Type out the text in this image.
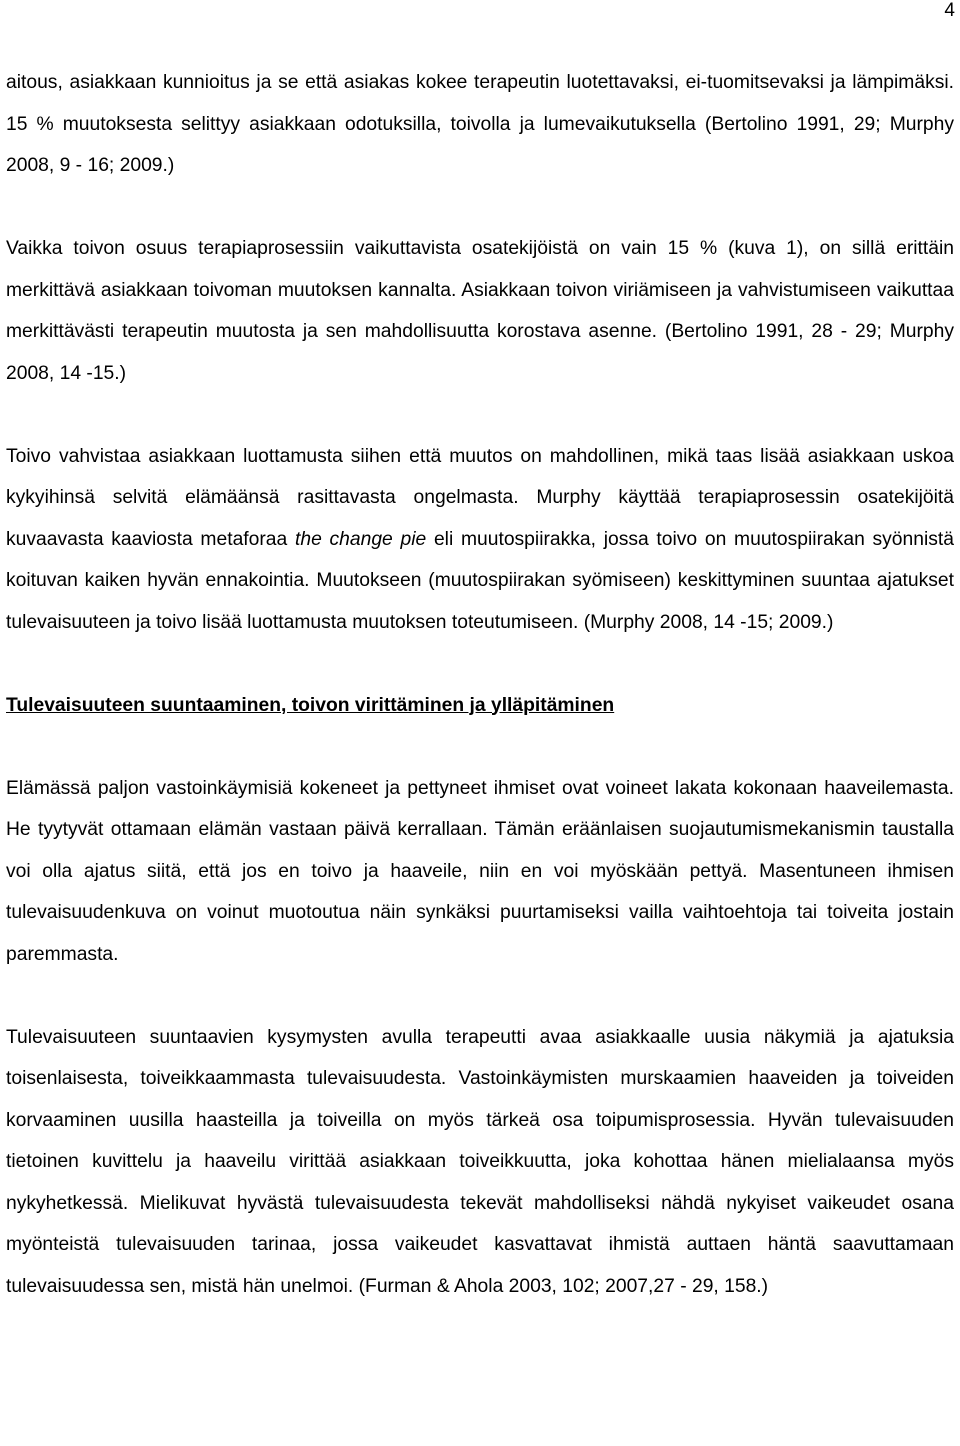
4

aitous, asiakkaan kunnioitus ja se että asiakas kokee terapeutin luotettavaksi, ei-tuomitsevaksi ja lämpimäksi. 15 % muutoksesta selittyy asiakkaan odotuksilla, toivolla ja lumevaikutuksella (Bertolino 1991, 29; Murphy 2008, 9 - 16; 2009.)

Vaikka toivon osuus terapiaprosessiin vaikuttavista osatekijöistä on vain 15 % (kuva 1), on sillä erittäin merkittävä asiakkaan toivoman muutoksen kannalta. Asiakkaan toivon viriämiseen ja vahvistumiseen vaikuttaa merkittävästi terapeutin muutosta ja sen mahdollisuutta korostava asenne. (Bertolino 1991, 28 - 29; Murphy 2008, 14 -15.)

Toivo vahvistaa asiakkaan luottamusta siihen että muutos on mahdollinen, mikä taas lisää asiakkaan uskoa kykyihinsä selvitä elämäänsä rasittavasta ongelmasta. Murphy käyttää terapiaprosessin osatekijöitä kuvaavasta kaaviosta metaforaa the change pie eli muutospiirakka, jossa toivo on muutospiirakan syönnistä koituvan kaiken hyvän ennakointia. Muutokseen (muutospiirakan syömiseen) keskittyminen suuntaa ajatukset tulevaisuuteen ja toivo lisää luottamusta muutoksen toteutumiseen. (Murphy 2008, 14 -15; 2009.)

Tulevaisuuteen suuntaaminen, toivon virittäminen ja ylläpitäminen

Elämässä paljon vastoinkäymisiä kokeneet ja pettyneet ihmiset ovat voineet lakata kokonaan haaveilemasta. He tyytyvät ottamaan elämän vastaan päivä kerrallaan. Tämän eräänlaisen suojautumismekanismin taustalla voi olla ajatus siitä, että jos en toivo ja haaveile, niin en voi myöskään pettyä. Masentuneen ihmisen tulevaisuudenkuva on voinut muotoutua näin synkäksi puurtamiseksi vailla vaihtoehtoja tai toiveita jostain paremmasta.

Tulevaisuuteen suuntaavien kysymysten avulla terapeutti avaa asiakkaalle uusia näkymiä ja ajatuksia toisenlaisesta, toiveikkaammasta tulevaisuudesta. Vastoinkäymisten murskaamien haaveiden ja toiveiden korvaaminen uusilla haasteilla ja toiveilla on myös tärkeä osa toipumisprosessia. Hyvän tulevaisuuden tietoinen kuvittelu ja haaveilu virittää asiakkaan toiveikkuutta, joka kohottaa hänen mielialaansa myös nykyhetkessä. Mielikuvat hyvästä tulevaisuudesta tekevät mahdolliseksi nähdä nykyiset vaikeudet osana myönteistä tulevaisuuden tarinaa, jossa vaikeudet kasvattavat ihmistä auttaen häntä saavuttamaan tulevaisuudessa sen, mistä hän unelmoi. (Furman & Ahola 2003, 102; 2007,27 - 29, 158.)
